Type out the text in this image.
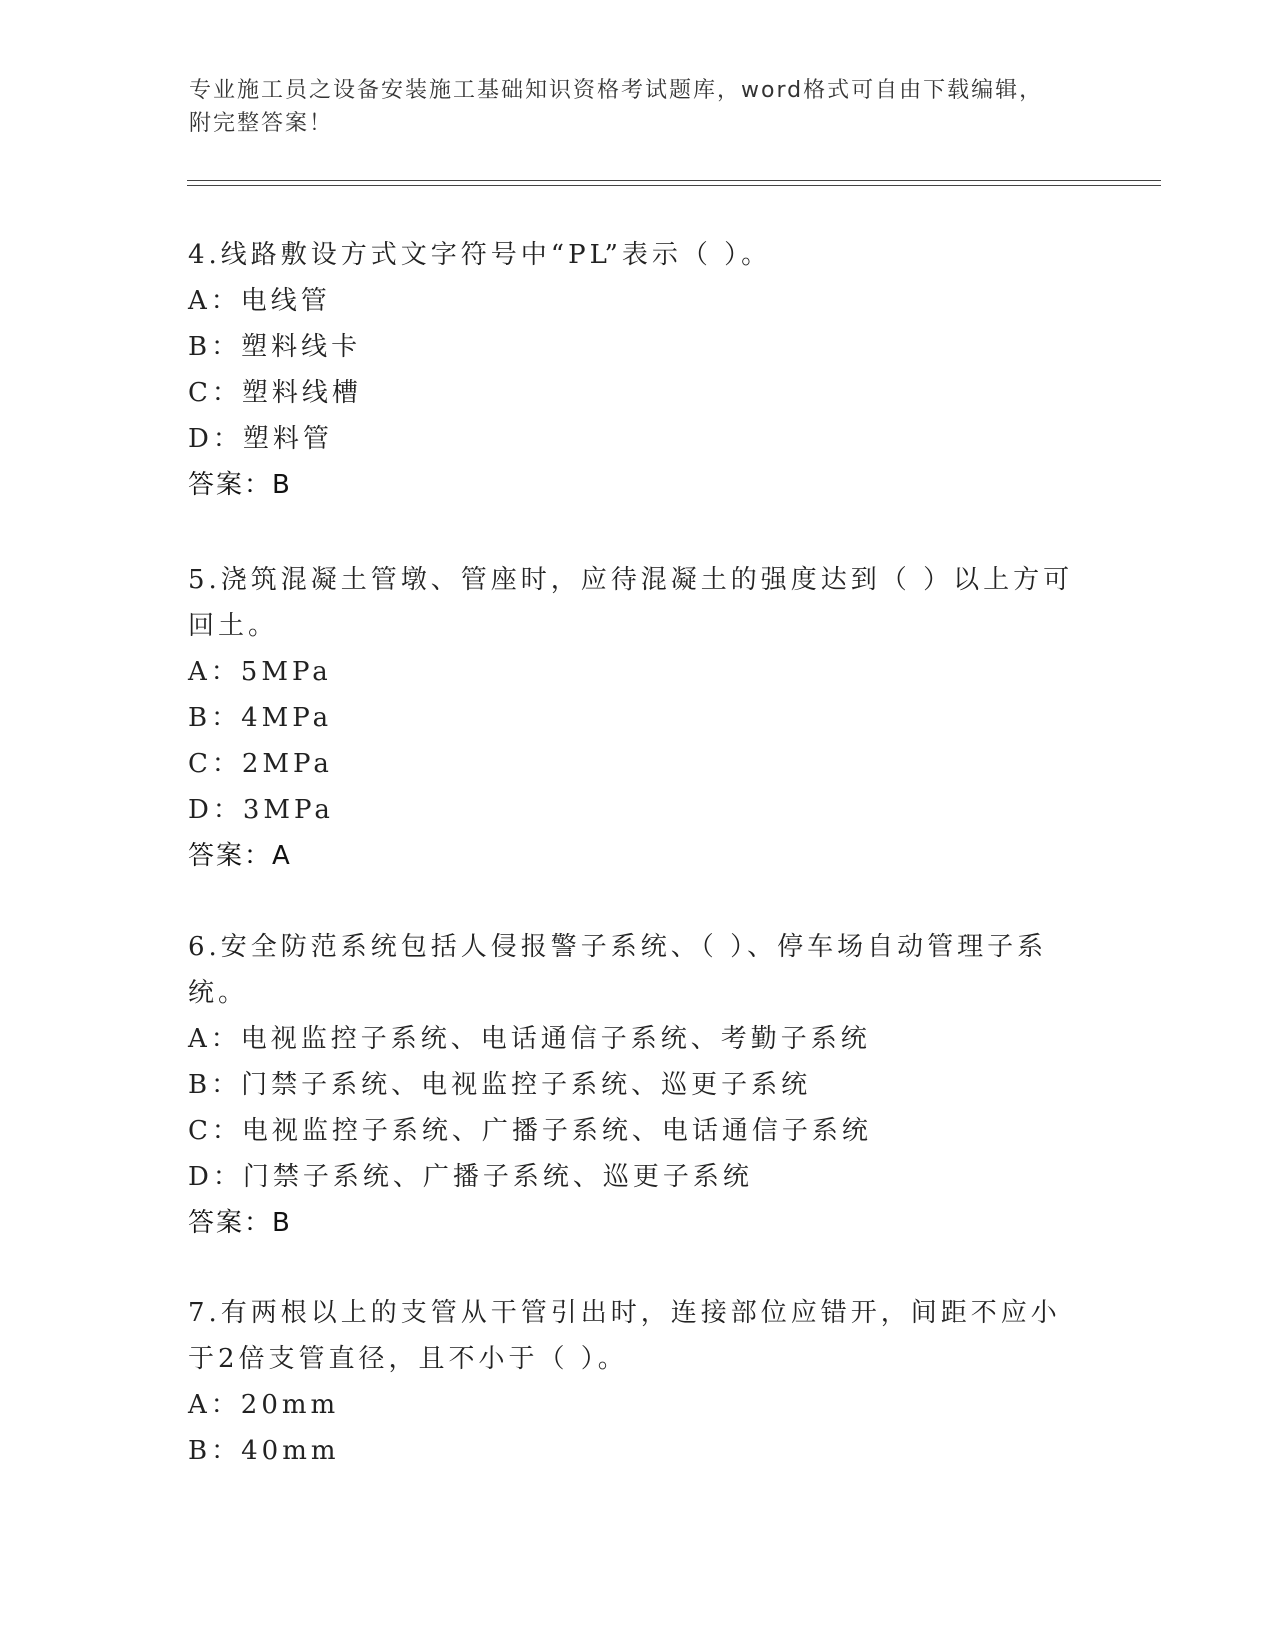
专业施工员之设备安装施工基础知识资格考试题库，word格式可自由下载编辑，
附完整答案！

4.线路敷设方式文字符号中“PL”表示（ ）。

A：电线管
B：塑料线卡
C：塑料线槽
D：塑料管
答案：B

5.浇筑混凝土管墩、管座时，应待混凝土的强度达到（ ）以上方可回土。

A：5MPa
B：4MPa
C：2MPa
D：3MPa
答案：A

6.安全防范系统包括人侵报警子系统、（ ）、停车场自动管理子系统。

A：电视监控子系统、电话通信子系统、考勤子系统
B：门禁子系统、电视监控子系统、巡更子系统
C：电视监控子系统、广播子系统、电话通信子系统
D：门禁子系统、广播子系统、巡更子系统
答案：B

7.有两根以上的支管从干管引出时，连接部位应错开，间距不应小于2倍支管直径，且不小于（ ）。

A：20mm
B：40mm
